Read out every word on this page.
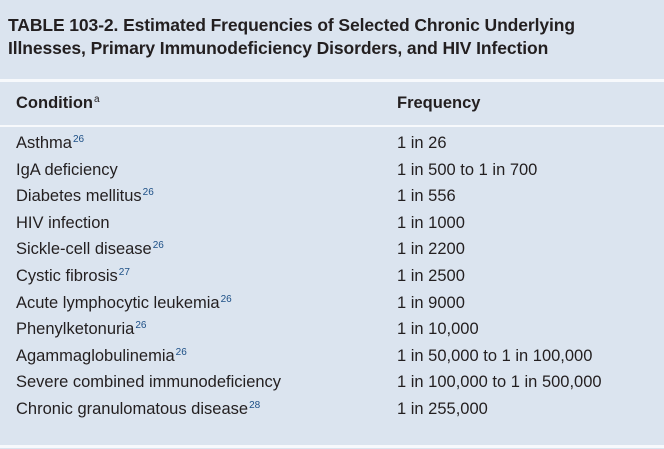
TABLE 103-2. Estimated Frequencies of Selected Chronic Underlying Illnesses, Primary Immunodeficiency Disorders, and HIV Infection
Condition$^a$	Frequency
Asthma$^{26}$	1 in 26
IgA deficiency	1 in 500 to 1 in 700
Diabetes mellitus$^{26}$	1 in 556
HIV infection	1 in 1000
Sickle-cell disease$^{26}$	1 in 2200
Cystic fibrosis$^{27}$	1 in 2500
Acute lymphocytic leukemia$^{26}$	1 in 9000
Phenylketonuria$^{26}$	1 in 10,000
Agammaglobulinemia$^{26}$	1 in 50,000 to 1 in 100,000
Severe combined immunodeficiency	1 in 100,000 to 1 in 500,000
Chronic granulomatous disease$^{28}$	1 in 255,000
